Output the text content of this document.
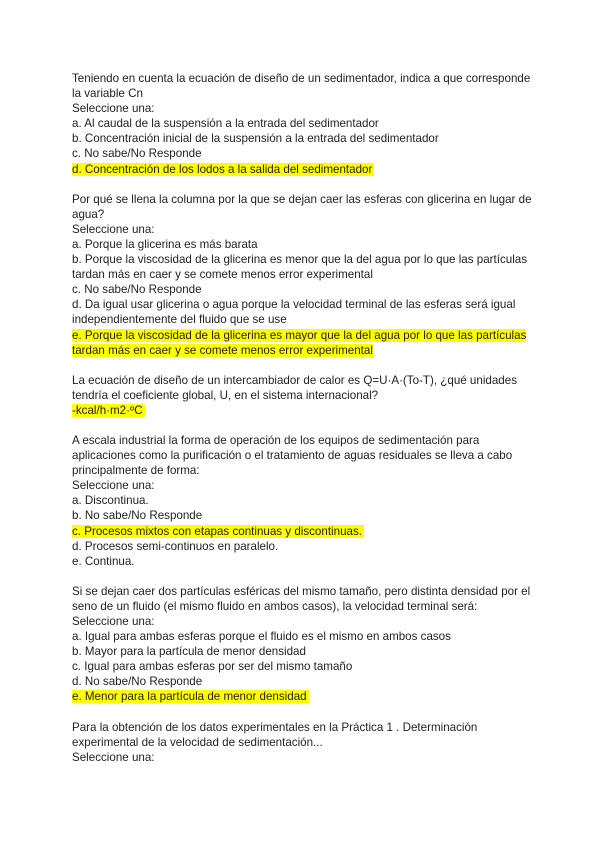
Teniendo en cuenta la ecuación de diseño de un sedimentador, indica a que corresponde la variable Cn
Seleccione una:
a. Al caudal de la suspensión a la entrada del sedimentador
b. Concentración inicial de la suspensión a la entrada del sedimentador
c. No sabe/No Responde
d. Concentración de los lodos a la salida del sedimentador
Por qué se llena la columna por la que se dejan caer las esferas con glicerina en lugar de agua?
Seleccione una:
a. Porque la glicerina es más barata
b. Porque la viscosidad de la glicerina es menor que la del agua por lo que las partículas tardan más en caer y se comete menos error experimental
c. No sabe/No Responde
d. Da igual usar glicerina o agua porque la velocidad terminal de las esferas será igual independientemente del fluido que se use
e. Porque la viscosidad de la glicerina es mayor que la del agua por lo que las partículas tardan más en caer y se comete menos error experimental
La ecuación de diseño de un intercambiador de calor es Q=U·A·(To-T), ¿qué unidades tendría el coeficiente global, U, en el sistema internacional?
-kcal/h·m2·ºC
A escala industrial la forma de operación de los equipos de sedimentación para aplicaciones como la purificación o el tratamiento de aguas residuales se lleva a cabo principalmente de forma:
Seleccione una:
a. Discontinua.
b. No sabe/No Responde
c. Procesos mixtos con etapas continuas y discontinuas.
d. Procesos semi-continuos en paralelo.
e. Continua.
Si se dejan caer dos partículas esféricas del mismo tamaño, pero distinta densidad por el seno de un fluido (el mismo fluido en ambos casos), la velocidad terminal será:
Seleccione una:
a. Igual para ambas esferas porque el fluido es el mismo en ambos casos
b. Mayor para la partícula de menor densidad
c. Igual para ambas esferas por ser del mismo tamaño
d. No sabe/No Responde
e. Menor para la partícula de menor densidad
Para la obtención de los datos experimentales en la Práctica 1 . Determinación experimental de la velocidad de sedimentación...
Seleccione una:
